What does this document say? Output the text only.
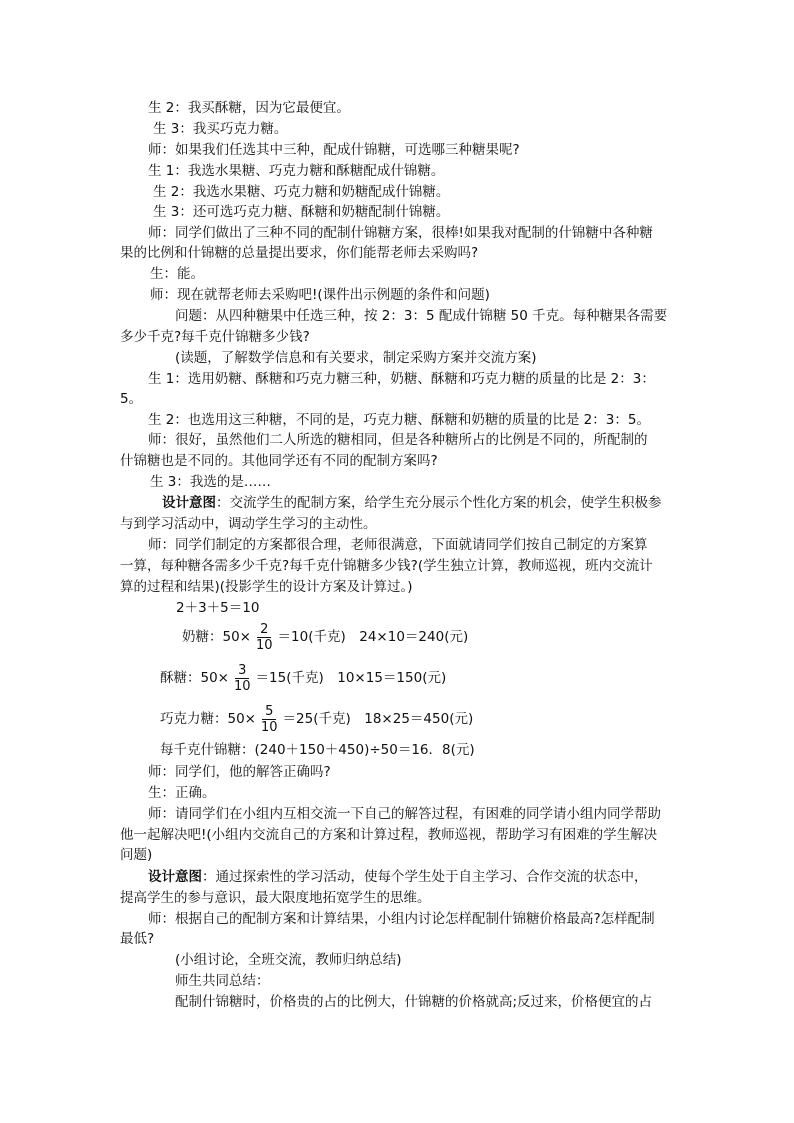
生 2：我买酥糖，因为它最便宜。
生 3：我买巧克力糖。
师：如果我们任选其中三种，配成什锦糖，可选哪三种糖果呢?
生 1：我选水果糖、巧克力糖和酥糖配成什锦糖。
生 2：我选水果糖、巧克力糖和奶糖配成什锦糖。
生 3：还可选巧克力糖、酥糖和奶糖配制什锦糖。
师：同学们做出了三种不同的配制什锦糖方案，很棒!如果我对配制的什锦糖中各种糖
果的比例和什锦糖的总量提出要求，你们能帮老师去采购吗?
生：能。
师：现在就帮老师去采购吧!(课件出示例题的条件和问题)
问题：从四种糖果中任选三种，按 2：3：5 配成什锦糖 50 千克。每种糖果各需要
多少千克?每千克什锦糖多少钱?
(读题，了解数学信息和有关要求，制定采购方案并交流方案)
生 1：选用奶糖、酥糖和巧克力糖三种，奶糖、酥糖和巧克力糖的质量的比是 2：3：
5。
生 2：也选用这三种糖，不同的是，巧克力糖、酥糖和奶糖的质量的比是 2：3：5。
师：很好，虽然他们二人所选的糖相同，但是各种糖所占的比例是不同的，所配制的
什锦糖也是不同的。其他同学还有不同的配制方案吗?
生 3：我选的是……
设计意图：交流学生的配制方案，给学生充分展示个性化方案的机会，使学生积极参
与到学习活动中，调动学生学习的主动性。
师：同学们制定的方案都很合理，老师很满意，下面就请同学们按自己制定的方案算
一算，每种糖各需多少千克?每千克什锦糖多少钱?(学生独立计算，教师巡视，班内交流计
算的过程和结果)(投影学生的设计方案及计算过。)
2＋3＋5＝10
奶糖：$50\times \frac{2}{10} =10$(千克)　24×10＝240(元)
酥糖：$50\times \frac{3}{10} =15$(千克)　10×15＝150(元)
巧克力糖：$50\times \frac{5}{10} =25$(千克)　18×25＝450(元)
每千克什锦糖：(240＋150＋450)÷50＝16．8(元)
师：同学们，他的解答正确吗?
生：正确。
师：请同学们在小组内互相交流一下自己的解答过程，有困难的同学请小组内同学帮助
他一起解决吧!(小组内交流自己的方案和计算过程，教师巡视，帮助学习有困难的学生解决
问题)
设计意图：通过探索性的学习活动，使每个学生处于自主学习、合作交流的状态中，
提高学生的参与意识，最大限度地拓宽学生的思维。
师：根据自己的配制方案和计算结果，小组内讨论怎样配制什锦糖价格最高?怎样配制
最低?
(小组讨论，全班交流，教师归纳总结)
师生共同总结：
配制什锦糖时，价格贵的占的比例大，什锦糖的价格就高;反过来，价格便宜的占
